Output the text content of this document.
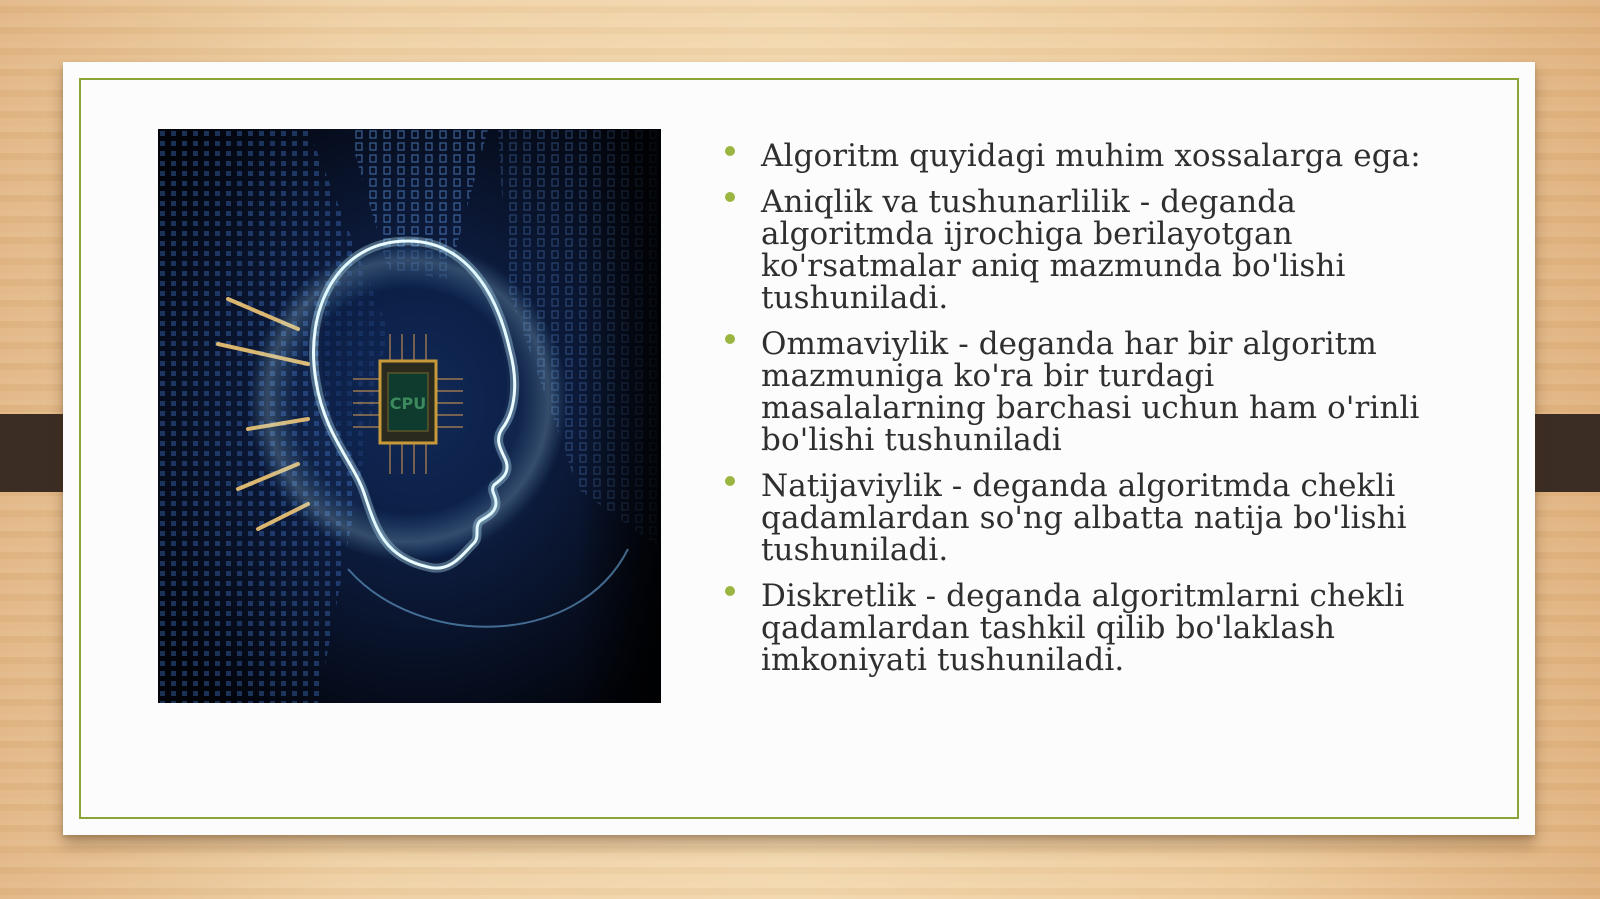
CPU
Algoritm quyidagi muhim xossalarga ega:
Aniqlik va tushunarlilik - deganda algoritmda ijrochiga berilayotgan ko'rsatmalar aniq mazmunda bo'lishi tushuniladi.
Ommaviylik - deganda har bir algoritm mazmuniga ko'ra bir turdagi masalalarning barchasi uchun ham o'rinli bo'lishi tushuniladi
Natijaviylik - deganda algoritmda chekli qadamlardan so'ng albatta natija bo'lishi tushuniladi.
Diskretlik - deganda algoritmlarni chekli qadamlardan tashkil qilib bo'laklash imkoniyati tushuniladi.
